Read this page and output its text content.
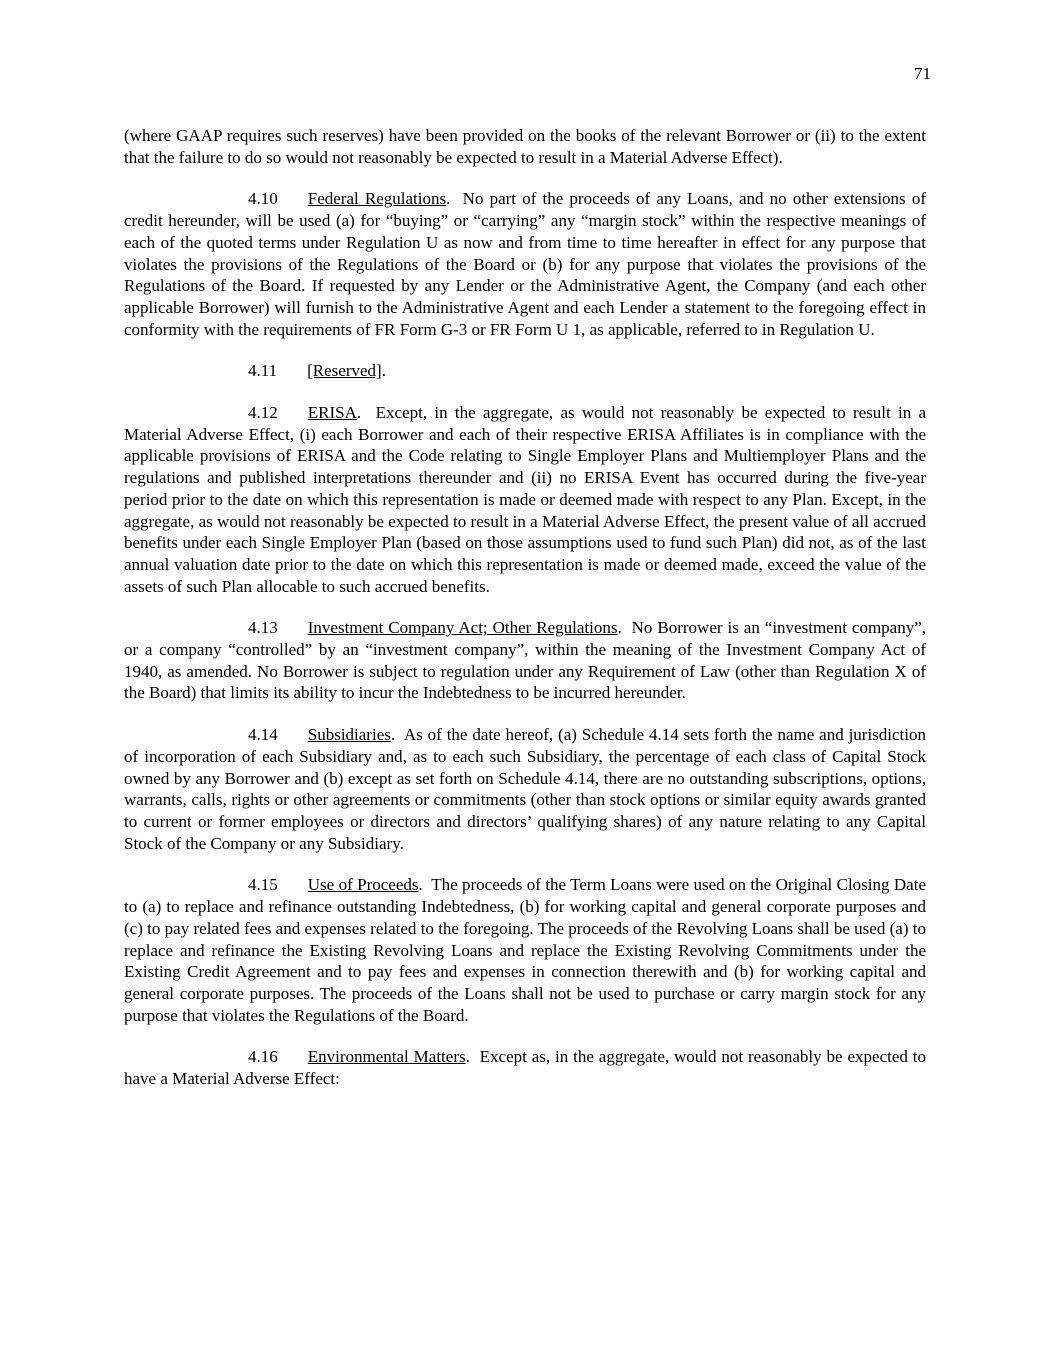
71

(where GAAP requires such reserves) have been provided on the books of the relevant Borrower or (ii) to the extent that the failure to do so would not reasonably be expected to result in a Material Adverse Effect).

4.10 Federal Regulations.  No part of the proceeds of any Loans, and no other extensions of credit hereunder, will be used (a) for “buying” or “carrying” any “margin stock” within the respective meanings of each of the quoted terms under Regulation U as now and from time to time hereafter in effect for any purpose that violates the provisions of the Regulations of the Board or (b) for any purpose that violates the provisions of the Regulations of the Board. If requested by any Lender or the Administrative Agent, the Company (and each other applicable Borrower) will furnish to the Administrative Agent and each Lender a statement to the foregoing effect in conformity with the requirements of FR Form G-3 or FR Form U 1, as applicable, referred to in Regulation U.

4.11 [Reserved].

4.12 ERISA.  Except, in the aggregate, as would not reasonably be expected to result in a Material Adverse Effect, (i) each Borrower and each of their respective ERISA Affiliates is in compliance with the applicable provisions of ERISA and the Code relating to Single Employer Plans and Multiemployer Plans and the regulations and published interpretations thereunder and (ii) no ERISA Event has occurred during the five-year period prior to the date on which this representation is made or deemed made with respect to any Plan. Except, in the aggregate, as would not reasonably be expected to result in a Material Adverse Effect, the present value of all accrued benefits under each Single Employer Plan (based on those assumptions used to fund such Plan) did not, as of the last annual valuation date prior to the date on which this representation is made or deemed made, exceed the value of the assets of such Plan allocable to such accrued benefits.

4.13 Investment Company Act; Other Regulations.  No Borrower is an “investment company”, or a company “controlled” by an “investment company”, within the meaning of the Investment Company Act of 1940, as amended. No Borrower is subject to regulation under any Requirement of Law (other than Regulation X of the Board) that limits its ability to incur the Indebtedness to be incurred hereunder.

4.14 Subsidiaries.  As of the date hereof, (a) Schedule 4.14 sets forth the name and jurisdiction of incorporation of each Subsidiary and, as to each such Subsidiary, the percentage of each class of Capital Stock owned by any Borrower and (b) except as set forth on Schedule 4.14, there are no outstanding subscriptions, options, warrants, calls, rights or other agreements or commitments (other than stock options or similar equity awards granted to current or former employees or directors and directors’ qualifying shares) of any nature relating to any Capital Stock of the Company or any Subsidiary.

4.15 Use of Proceeds.  The proceeds of the Term Loans were used on the Original Closing Date to (a) to replace and refinance outstanding Indebtedness, (b) for working capital and general corporate purposes and (c) to pay related fees and expenses related to the foregoing. The proceeds of the Revolving Loans shall be used (a) to replace and refinance the Existing Revolving Loans and replace the Existing Revolving Commitments under the Existing Credit Agreement and to pay fees and expenses in connection therewith and (b) for working capital and general corporate purposes. The proceeds of the Loans shall not be used to purchase or carry margin stock for any purpose that violates the Regulations of the Board.

4.16 Environmental Matters.  Except as, in the aggregate, would not reasonably be expected to have a Material Adverse Effect:
